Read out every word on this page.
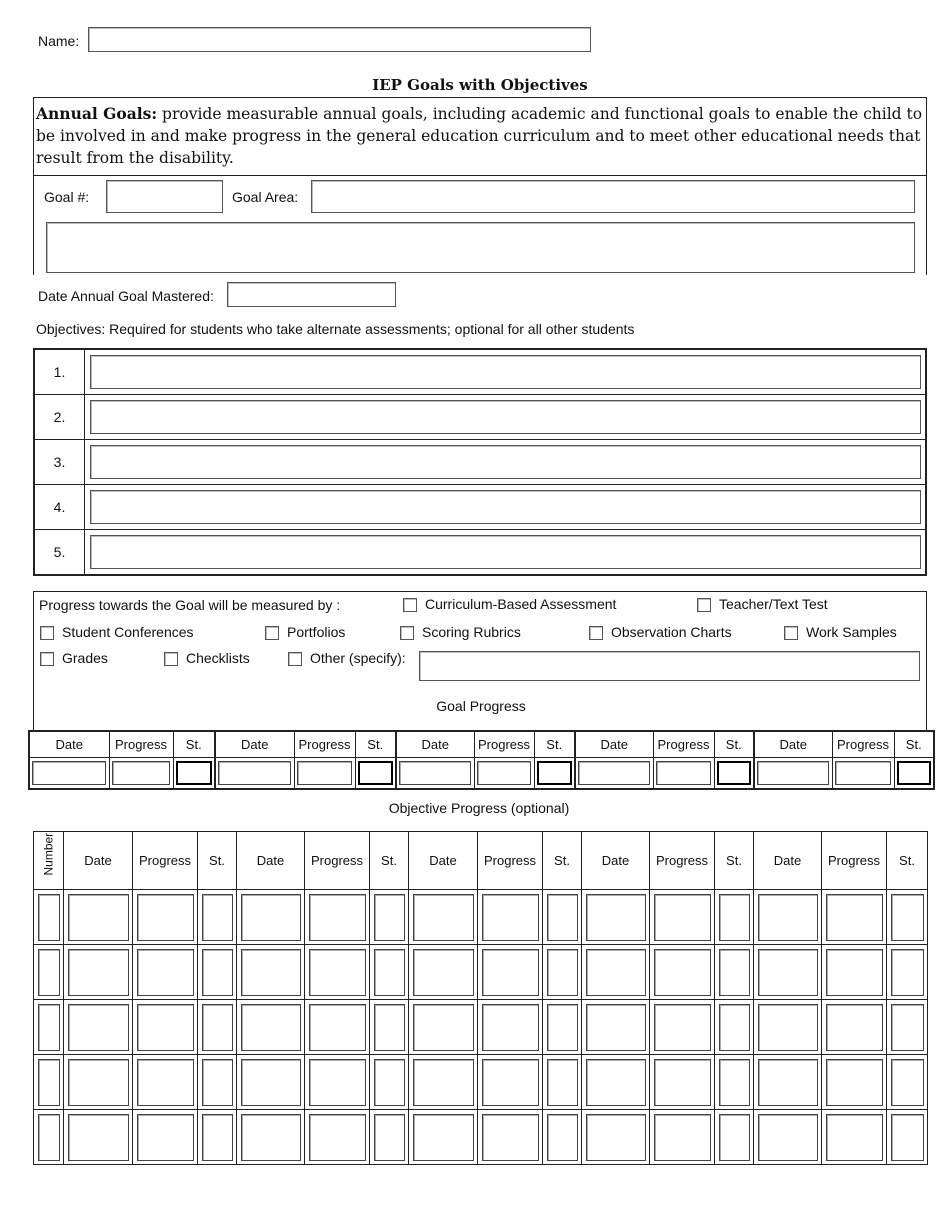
Name:
IEP Goals with Objectives
Annual Goals: provide measurable annual goals, including academic and functional goals to enable the child to be involved in and make progress in the general education curriculum and to meet other educational needs that result from the disability.
Goal #:	Goal Area:
Date Annual Goal Mastered:
Objectives: Required for students who take alternate assessments; optional for all other students
1.
2.
3.
4.
5.
Progress towards the Goal will be measured by :
Goal Progress
Date	Progress	St.	Date	Progress	St.	Date	Progress	St.	Date	Progress	St.	Date	Progress	St.

Objective Progress (optional)
Number	Date	Progress	St.	Date	Progress	St.	Date	Progress	St.	Date	Progress	St.	Date	Progress	St.

Curriculum-Based Assessment	Teacher/Text Test
Student Conferences	Portfolios	Scoring Rubrics	Observation Charts	Work Samples
Grades	Checklists	Other (specify):
